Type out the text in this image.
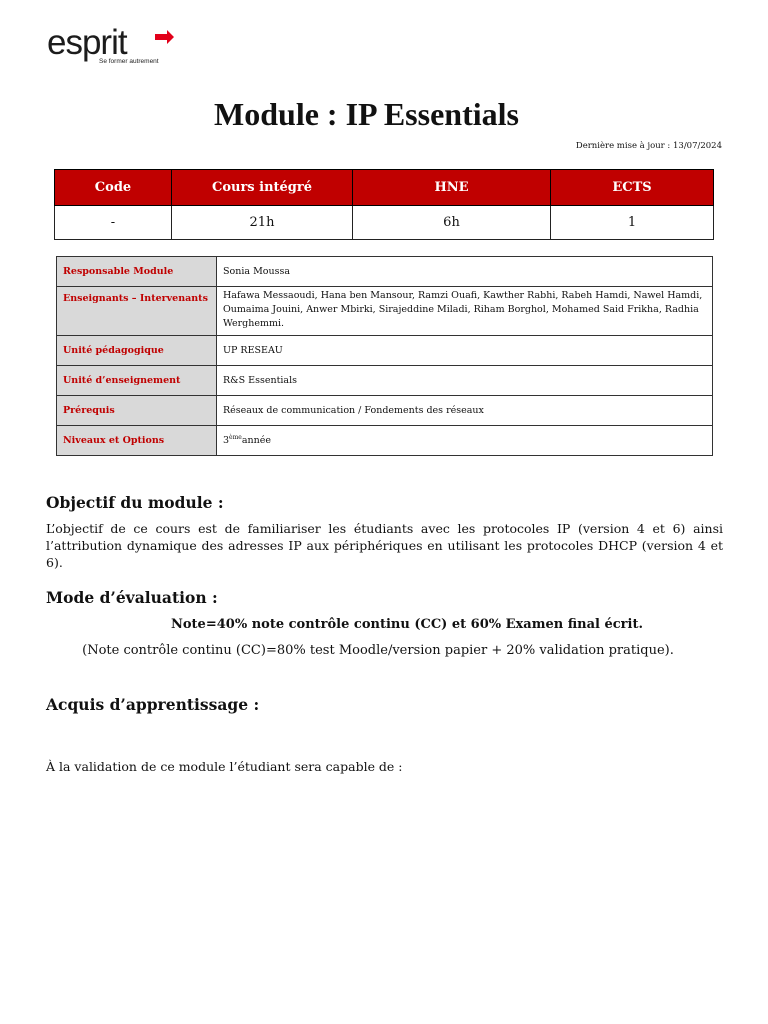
esprit
Se former autrement
Module : IP Essentials
Dernière mise à jour : 13/07/2024
Code	Cours intégré	HNE	ECTS
-	21h	6h	1
Responsable Module	Sonia Moussa
Enseignants – Intervenants	Hafawa Messaoudi, Hana ben Mansour, Ramzi Ouafi, Kawther Rabhi, Rabeh Hamdi, Nawel Hamdi, Oumaima Jouini, Anwer Mbirki, Sirajeddine Miladi, Riham Borghol, Mohamed Said Frikha, Radhia Werghemmi.
Unité pédagogique	UP RESEAU
Unité d’enseignement	R&S Essentials
Prérequis	Réseaux de communication / Fondements des réseaux
Niveaux et Options	3èmeannée
Objectif du module :
L’objectif de ce cours est de familiariser les étudiants avec les protocoles IP (version 4 et 6) ainsi l’attribution dynamique des adresses IP aux périphériques en utilisant les protocoles DHCP (version 4 et 6).
Mode d’évaluation :
Note=40% note contrôle continu (CC) et 60% Examen final écrit.
(Note contrôle continu (CC)=80% test Moodle/version papier + 20% validation pratique).
Acquis d’apprentissage :
À la validation de ce module l’étudiant sera capable de :
